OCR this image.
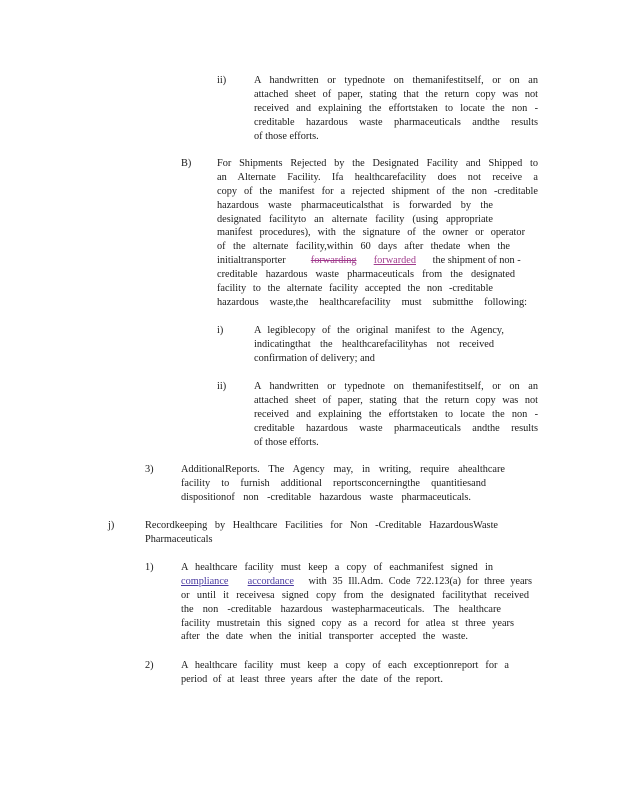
ii)	A handwritten or typednote on themanifestitself, or on an
attached sheet of paper, stating that the return copy was not
received and explaining the effortstaken to locate the non -
creditable hazardous waste pharmaceuticals andthe results
of those efforts.
B) For Shipments Rejected by the Designated Facility and Shipped to
an Alternate Facility. Ifa healthcarefacility does not receive a
copy of the manifest for a rejected shipment of the non -creditable
hazardous waste pharmaceuticalsthat is forwarded by the
designated facilityto an alternate facility (using appropriate
manifest procedures), with the signature of the owner or operator
of the alternate facility,within 60 days after thedate when the
initialtransporter forwarding forwarded the shipment of non -
creditable hazardous waste pharmaceuticals from the designated
facility to the alternate facility accepted the non -creditable
hazardous waste,the healthcarefacility must submitthe following:
i)	A legiblecopy of the original manifest to the Agency,
indicatingthat the healthcarefacilityhas not received
confirmation of delivery; and
ii)	A handwritten or typednote on themanifestitself, or on an
attached sheet of paper, stating that the return copy was not
received and explaining the effortstaken to locate the non -
creditable hazardous waste pharmaceuticals andthe results
of those efforts.
3)	AdditionalReports. The Agency may, in writing, require ahealthcare
facility to furnish additional reportsconcerningthe quantitiesand
dispositionof non -creditable hazardous waste pharmaceuticals.
j)	Recordkeeping by Healthcare Facilities for Non -Creditable HazardousWaste
Pharmaceuticals
1)	A healthcare facility must keep a copy of eachmanifest signed in
compliance accordance with 35 Ill.Adm. Code 722.123(a) for three years
or until it receivesa signed copy from the designated facilitythat received
the non -creditable hazardous wastepharmaceuticals. The healthcare
facility mustretain this signed copy as a record for atlea st three years
after the date when the initial transporter accepted the waste.
2)	A healthcare facility must keep a copy of each exceptionreport for a
period of at least three years after the date of the report.
